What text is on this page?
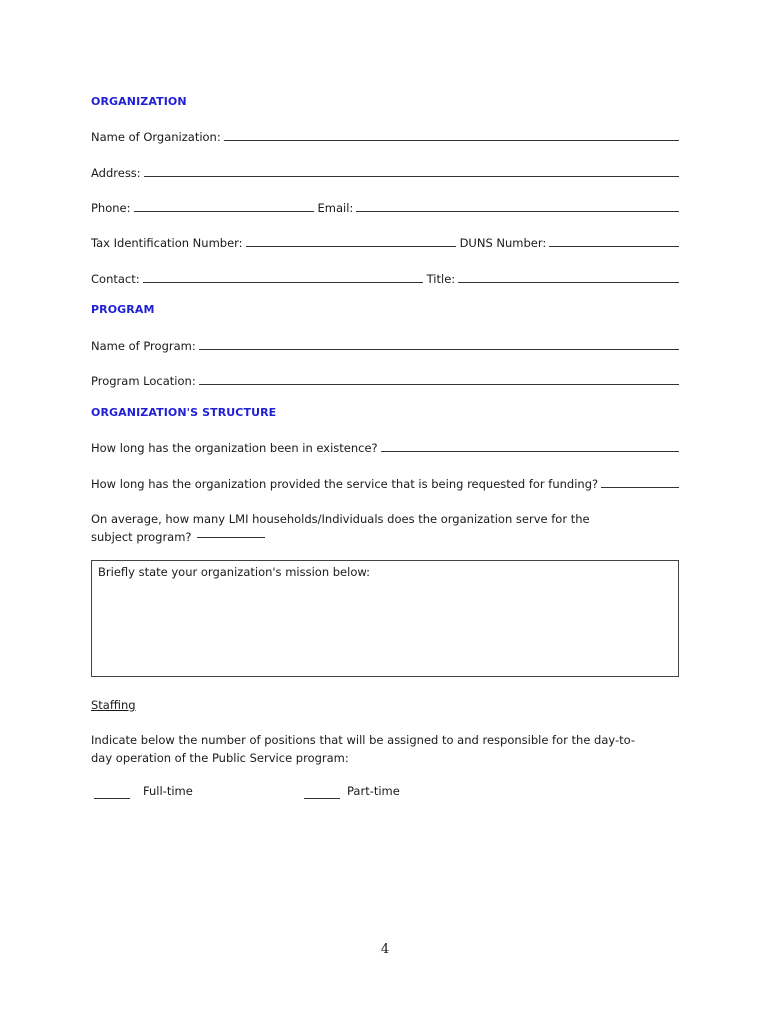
ORGANIZATION
Name of Organization:
Address:
Phone:	Email:
Tax Identification Number:	DUNS Number:
Contact:	Title:
PROGRAM
Name of Program:
Program Location:
ORGANIZATION'S STRUCTURE
How long has the organization been in existence?
How long has the organization provided the service that is being requested for funding?
On average, how many LMI households/Individuals does the organization serve for the subject program?
Briefly state your organization's mission below:
Staffing
Indicate below the number of positions that will be assigned to and responsible for the day-to-day operation of the Public Service program:
Full-time	Part-time
4
